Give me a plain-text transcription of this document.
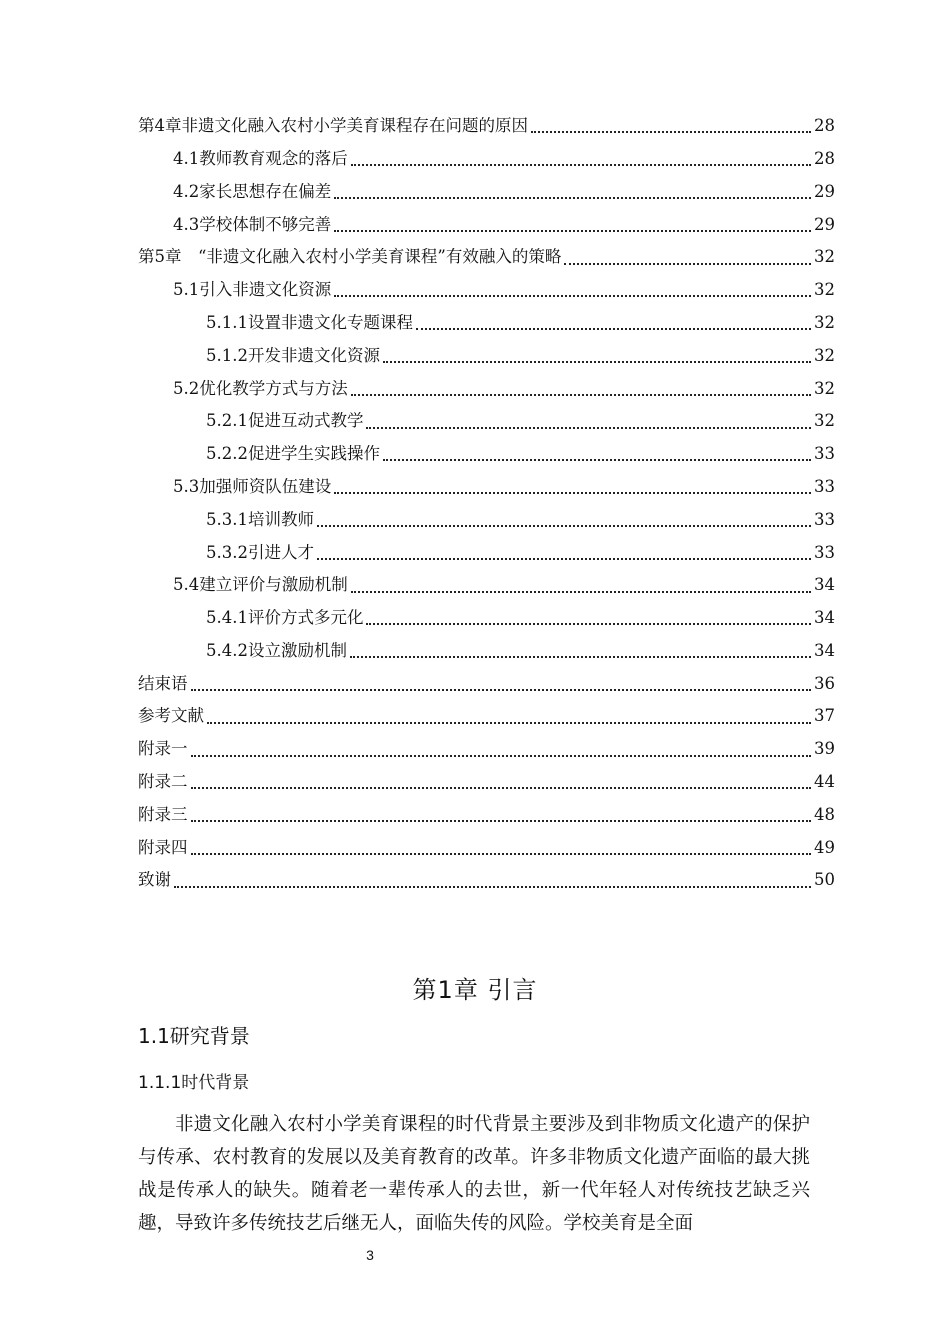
第4章非遗文化融入农村小学美育课程存在问题的原因	28
4.1教师教育观念的落后	28
4.2家长思想存在偏差	29
4.3学校体制不够完善	29
第5章　“非遗文化融入农村小学美育课程”有效融入的策略	32
5.1引入非遗文化资源	32
5.1.1设置非遗文化专题课程	32
5.1.2开发非遗文化资源	32
5.2优化教学方式与方法	32
5.2.1促进互动式教学	32
5.2.2促进学生实践操作	33
5.3加强师资队伍建设	33
5.3.1培训教师	33
5.3.2引进人才	33
5.4建立评价与激励机制	34
5.4.1评价方式多元化	34
5.4.2设立激励机制	34
结束语	36
参考文献	37
附录一	39
附录二	44
附录三	48
附录四	49
致谢	50
第1章 引言
1.1研究背景
1.1.1时代背景

非遗文化融入农村小学美育课程的时代背景主要涉及到非物质文化遗产的保护与传承、农村教育的发展以及美育教育的改革。许多非物质文化遗产面临的最大挑战是传承人的缺失。随着老一辈传承人的去世，新一代年轻人对传统技艺缺乏兴趣，导致许多传统技艺后继无人，面临失传的风险。学校美育是全面

3
